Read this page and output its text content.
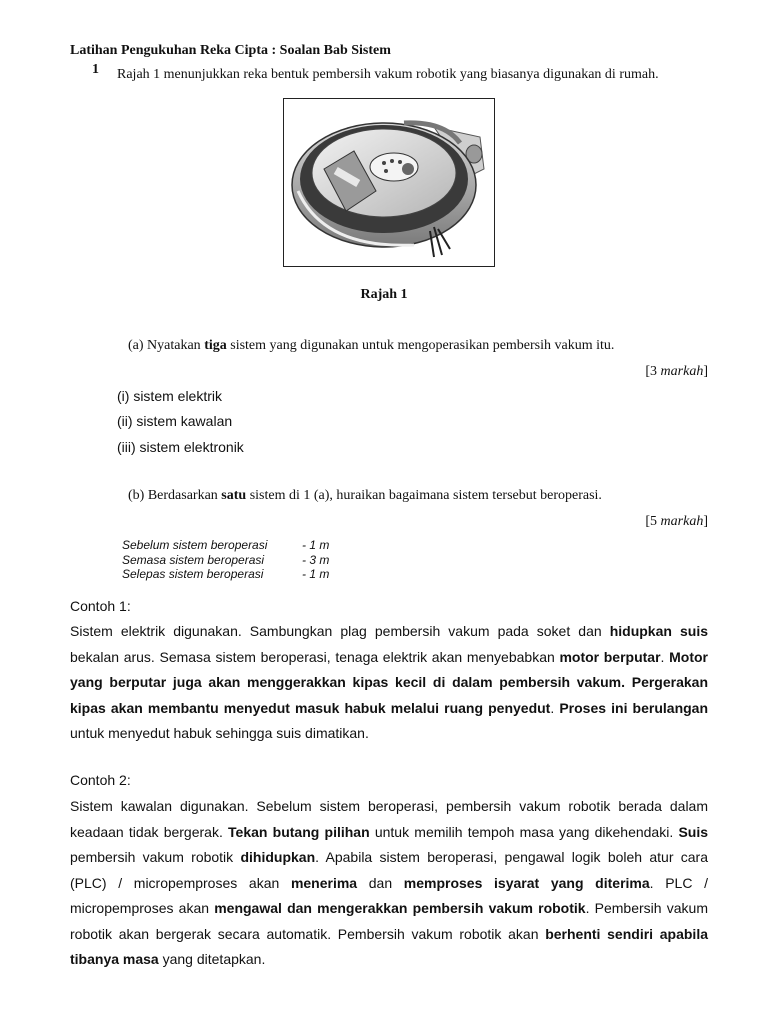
Latihan Pengukuhan Reka Cipta : Soalan Bab Sistem
1 Rajah 1 menunjukkan reka bentuk pembersih vakum robotik yang biasanya digunakan di rumah.
Rajah 1
(a) Nyatakan tiga sistem yang digunakan untuk mengoperasikan pembersih vakum itu.
[3 markah]
(i) sistem elektrik
(ii) sistem kawalan
(iii) sistem elektronik
(b) Berdasarkan satu sistem di 1 (a), huraikan bagaimana sistem tersebut beroperasi.
[5 markah]
Sebelum sistem beroperasi	- 1 m
Semasa sistem beroperasi	- 3 m
Selepas sistem beroperasi	- 1 m
Contoh 1:
Sistem elektrik digunakan. Sambungkan plag pembersih vakum pada soket dan hidupkan suis bekalan arus. Semasa sistem beroperasi, tenaga elektrik akan menyebabkan motor berputar. Motor yang berputar juga akan menggerakkan kipas kecil di dalam pembersih vakum. Pergerakan kipas akan membantu menyedut masuk habuk melalui ruang penyedut. Proses ini berulangan untuk menyedut habuk sehingga suis dimatikan.
Contoh 2:
Sistem kawalan digunakan. Sebelum sistem beroperasi, pembersih vakum robotik berada dalam keadaan tidak bergerak. Tekan butang pilihan untuk memilih tempoh masa yang dikehendaki. Suis pembersih vakum robotik dihidupkan. Apabila sistem beroperasi, pengawal logik boleh atur cara (PLC) / micropemproses akan menerima dan memproses isyarat yang diterima. PLC / micropemproses akan mengawal dan mengerakkan pembersih vakum robotik. Pembersih vakum robotik akan bergerak secara automatik. Pembersih vakum robotik akan berhenti sendiri apabila tibanya masa yang ditetapkan.
